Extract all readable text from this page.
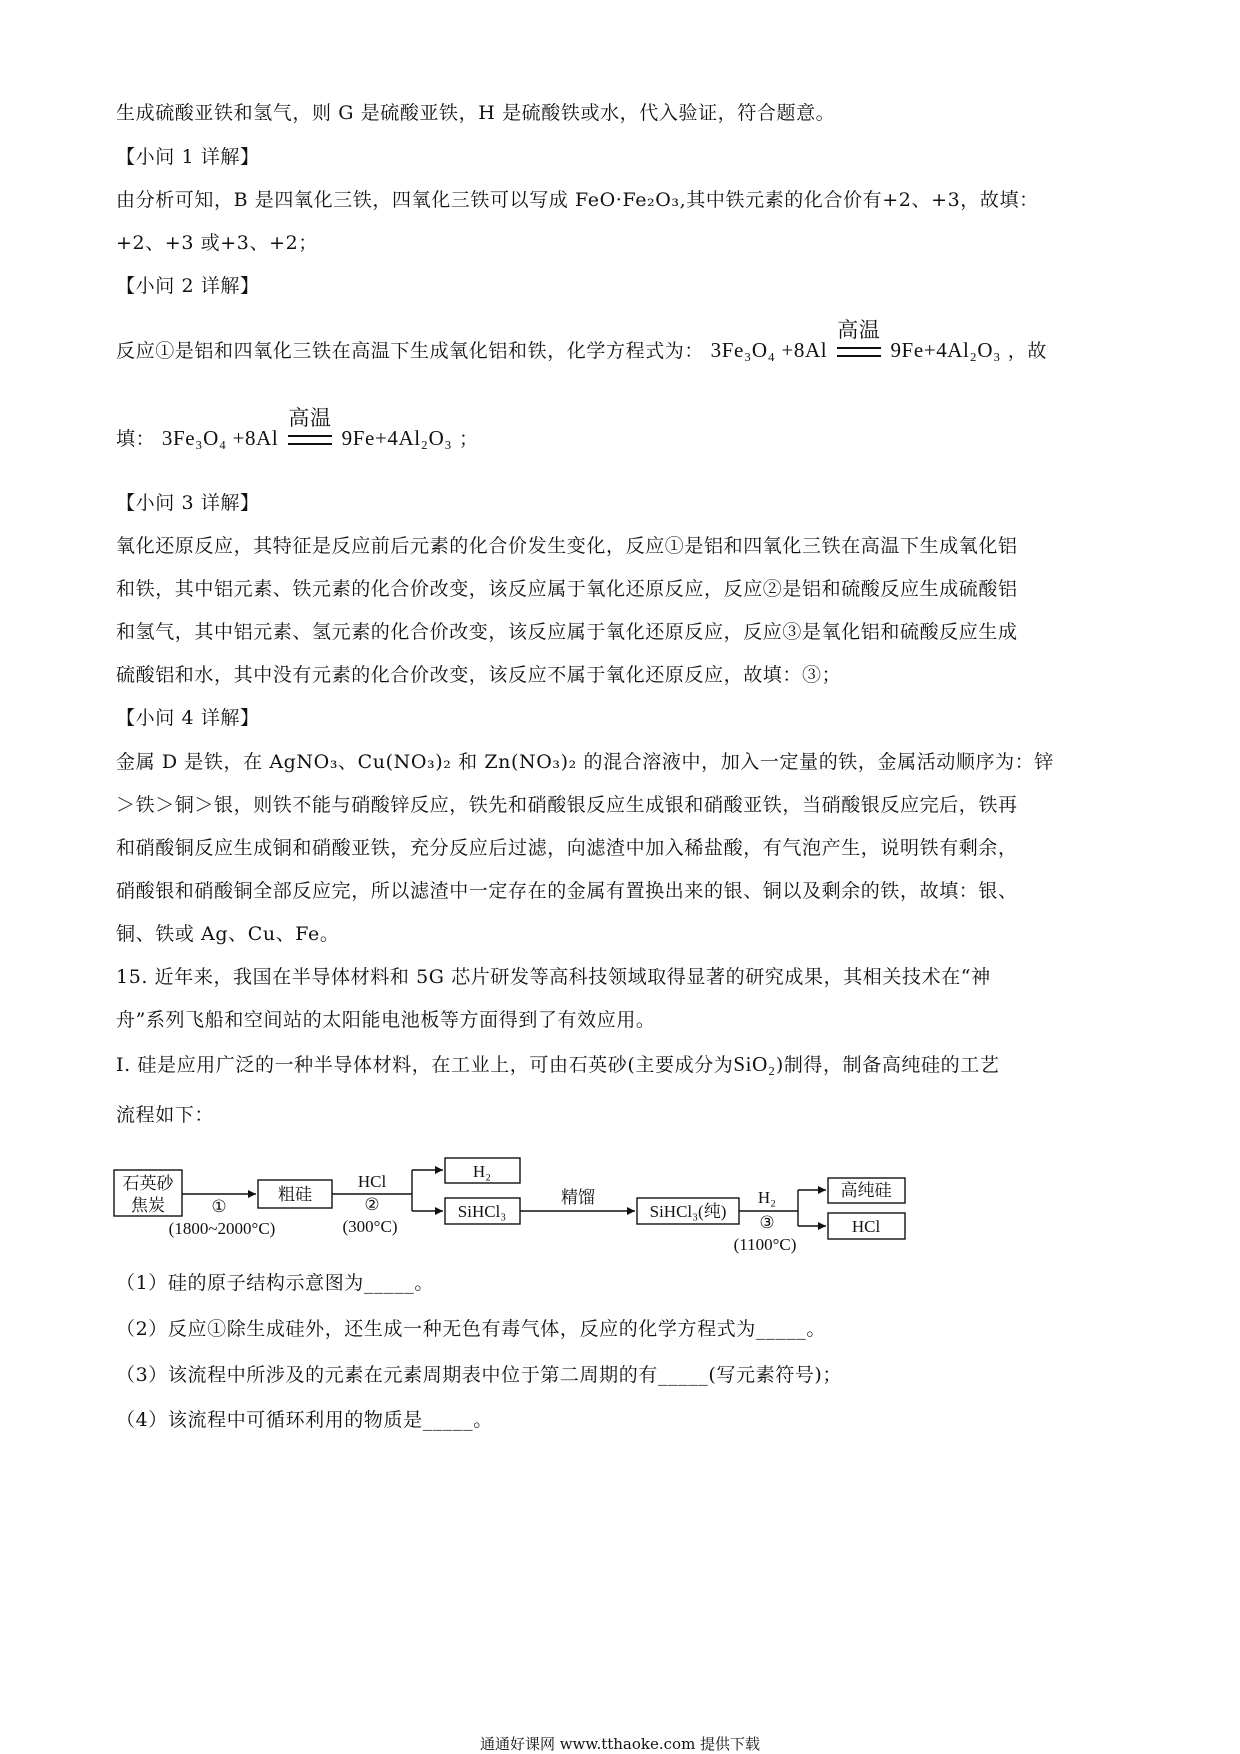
生成硫酸亚铁和氢气，则 G 是硫酸亚铁，H 是硫酸铁或水，代入验证，符合题意。
【小问 1 详解】
由分析可知，B 是四氧化三铁，四氧化三铁可以写成 FeO·Fe₂O₃,其中铁元素的化合价有+2、+3，故填：
+2、+3 或+3、+2；
【小问 2 详解】
反应①是铝和四氧化三铁在高温下生成氧化铝和铁，化学方程式为： 3Fe₃O₄ +8Al
高温
9Fe+4Al₂O₃ ，故
填： 3Fe₃O₄ +8Al
高温
9Fe+4Al₂O₃ ；
【小问 3 详解】
氧化还原反应，其特征是反应前后元素的化合价发生变化，反应①是铝和四氧化三铁在高温下生成氧化铝
和铁，其中铝元素、铁元素的化合价改变，该反应属于氧化还原反应，反应②是铝和硫酸反应生成硫酸铝
和氢气，其中铝元素、氢元素的化合价改变，该反应属于氧化还原反应，反应③是氧化铝和硫酸反应生成
硫酸铝和水，其中没有元素的化合价改变，该反应不属于氧化还原反应，故填：③；
【小问 4 详解】
金属 D 是铁，在 AgNO₃、Cu(NO₃)₂ 和 Zn(NO₃)₂ 的混合溶液中，加入一定量的铁，金属活动顺序为：锌
＞铁＞铜＞银，则铁不能与硝酸锌反应，铁先和硝酸银反应生成银和硝酸亚铁，当硝酸银反应完后，铁再
和硝酸铜反应生成铜和硝酸亚铁，充分反应后过滤，向滤渣中加入稀盐酸，有气泡产生，说明铁有剩余，
硝酸银和硝酸铜全部反应完，所以滤渣中一定存在的金属有置换出来的银、铜以及剩余的铁，故填：银、
铜、铁或 Ag、Cu、Fe。
15. 近年来，我国在半导体材料和 5G 芯片研发等高科技领域取得显著的研究成果，其相关技术在“神
舟”系列飞船和空间站的太阳能电池板等方面得到了有效应用。
I. 硅是应用广泛的一种半导体材料，在工业上，可由石英砂(主要成分为SiO₂)制得，制备高纯硅的工艺
流程如下：
石英砂
焦炭	①
(1800~2000°C)
粗硅
HCl
②
(300°C)
H₂
SiHCl₃
精馏
SiHCl₃(纯)
H₂
③
(1100°C)
高纯硅
HCl
（1）硅的原子结构示意图为_____。
（2）反应①除生成硅外，还生成一种无色有毒气体，反应的化学方程式为_____。
（3）该流程中所涉及的元素在元素周期表中位于第二周期的有_____(写元素符号)；
（4）该流程中可循环利用的物质是_____。
通通好课网 www.tthaoke.com 提供下载
